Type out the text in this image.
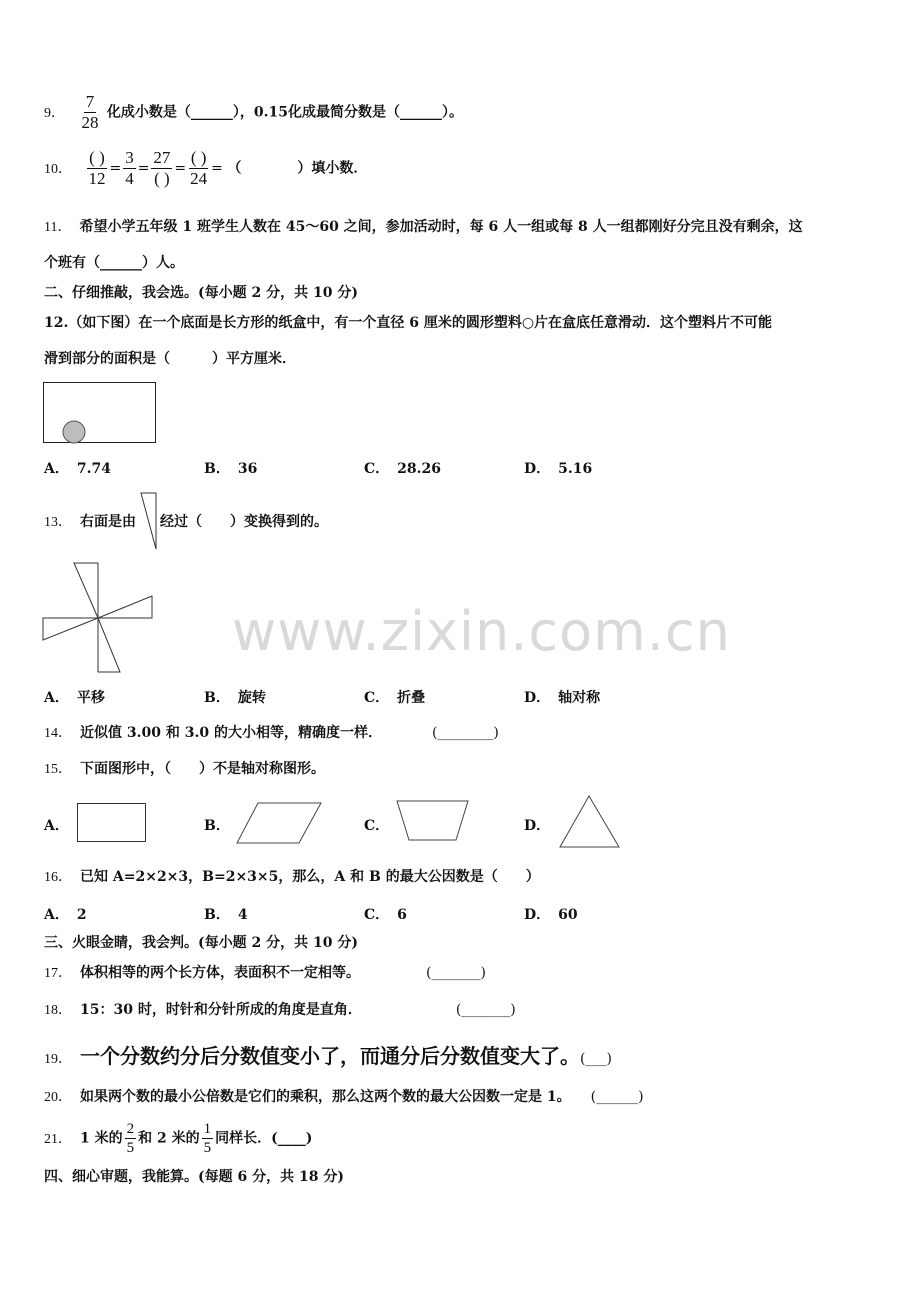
www.zixin.com.cn
9． $\frac{7}{28}$ 化成小数是（______），0.15化成最简分数是（______）。
10． $\frac{( )}{12} = \frac{3}{4} = \frac{27}{( )} = \frac{( )}{24}$ = （　　　　）填小数．
11． 希望小学五年级 1 班学生人数在 45～60 之间，参加活动时，每 6 人一组或每 8 人一组都刚好分完且没有剩余，这
个班有（______）人。
二、仔细推敲，我会选。(每小题 2 分，共 10 分)
12.（如下图）在一个底面是长方形的纸盒中，有一个直径 6 厘米的圆形塑料○片在盒底任意滑动．这个塑料片不可能
滑到部分的面积是（　　　）平方厘米．
A． 7.74	B． 36	C． 28.26	D． 5.16
13． 右面是由 经过（　　）变换得到的。
A． 平移	B． 旋转	C． 折叠	D． 轴对称
14． 近似值 3.00 和 3.0 的大小相等，精确度一样．	(________)
15． 下面图形中，（　　）不是轴对称图形。
A．	B．	C．	D．
16． 已知 A=2×2×3，B=2×3×5，那么，A 和 B 的最大公因数是（　　）
A． 2	B． 4	C． 6	D． 60
三、火眼金睛，我会判。(每小题 2 分，共 10 分)
17． 体积相等的两个长方体，表面积不一定相等。	(_______)
18． 15：30 时，时针和分针所成的角度是直角．	(_______)
19． 一个分数约分后分数值变小了，而通分后分数值变大了。(___)
20． 如果两个数的最小公倍数是它们的乘积，那么这两个数的最大公因数一定是 1。 (______)
21． 1 米的 $\frac{2}{5}$ 和 2 米的 $\frac{1}{5}$ 同样长．(____)
四、细心审题，我能算。(每题 6 分，共 18 分)
